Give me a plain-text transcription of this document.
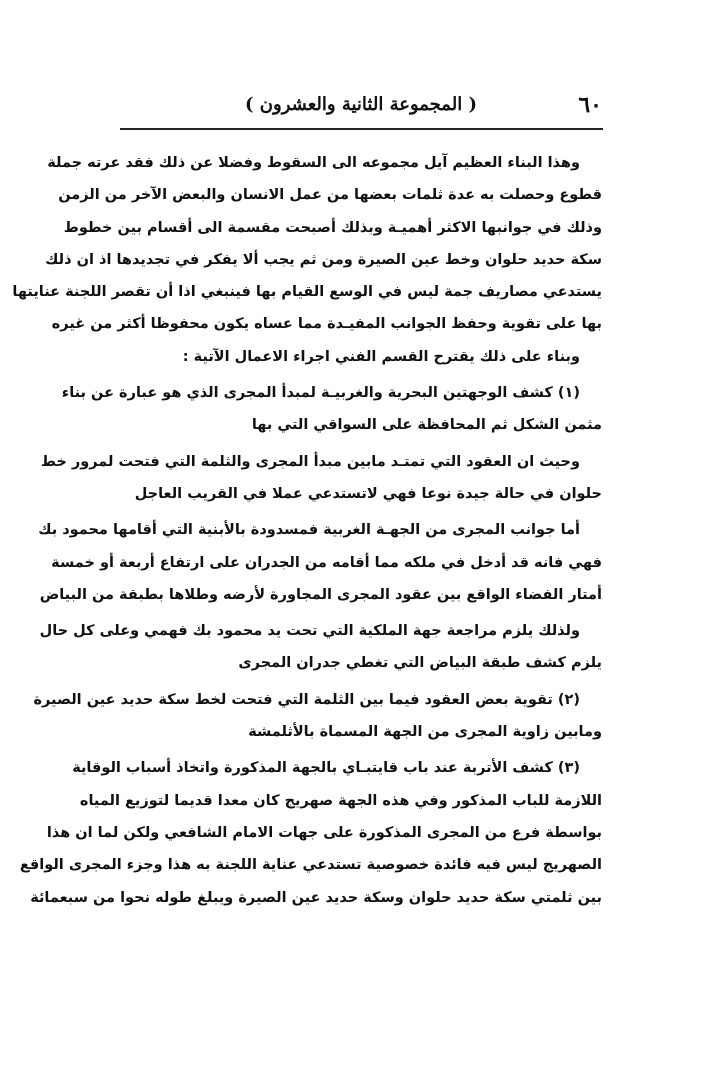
٦٠
( المجموعة الثانية والعشرون )
وهذا البناء العظيم آيل مجموعه الى السقوط وفضلا عن ذلك فقد عرته جملة
قطوع وحصلت به عدة ثلمات بعضها من عمل الانسان والبعض الآخر من الزمن
وذلك في جوانبها الاكثر أهميـة وبذلك أصبحت مقسمة الى أقسام بين خطوط
سكة حديد حلوان وخط عين الصيرة ومن ثم يجب ألا يفكر في تجديدها اذ ان ذلك
يستدعي مصاريف جمة ليس في الوسع القيام بها فينبغي اذا أن تقصر اللجنة عنايتها
بها على تقوية وحفظ الجوانب المفيـدة مما عساه يكون محفوظا أكثر من غيره
وبناء على ذلك يقترح القسم الفني اجراء الاعمال الآتية :
(١) كشف الوجهتين البحرية والغربيـة لمبدأ المجرى الذي هو عبارة عن بناء
مثمن الشكل ثم المحافظة على السواقي التي بها
وحيث ان العقود التي تمتـد مابين مبدأ المجرى والثلمة التي فتحت لمرور خط
حلوان في حالة جيدة نوعا فهي لاتستدعي عملا في القريب العاجل
أما جوانب المجرى من الجهـة الغربية فمسدودة بالأبنية التي أقامها محمود بك
فهي فانه قد أدخل في ملكه مما أقامه من الجدران على ارتفاع أربعة أو خمسة
أمتار الفضاء الواقع بين عقود المجرى المجاورة لأرضه وطلاها بطبقة من البياض
ولذلك يلزم مراجعة جهة الملكية التي تحت يد محمود بك فهمي وعلى كل حال
يلزم كشف طبقة البياض التي تغطي جدران المجرى
(٢) تقوية بعض العقود فيما بين الثلمة التي فتحت لخط سكة حديد عين الصيرة
ومابين زاوية المجرى من الجهة المسماة بالأثلمشة
(٣) كشف الأتربة عند باب قايتبـاي بالجهة المذكورة واتخاذ أسباب الوقاية
اللازمة للباب المذكور وفي هذه الجهة صهريج كان معدا قديما لتوزيع المياه
بواسطة فرع من المجرى المذكورة على جهات الامام الشافعي ولكن لما ان هذا
الصهريج ليس فيه فائدة خصوصية تستدعي عناية اللجنة به هذا وجزء المجرى الواقع
بين ثلمتي سكة حديد حلوان وسكة حديد عين الصيرة ويبلغ طوله نحوا من سبعمائة
